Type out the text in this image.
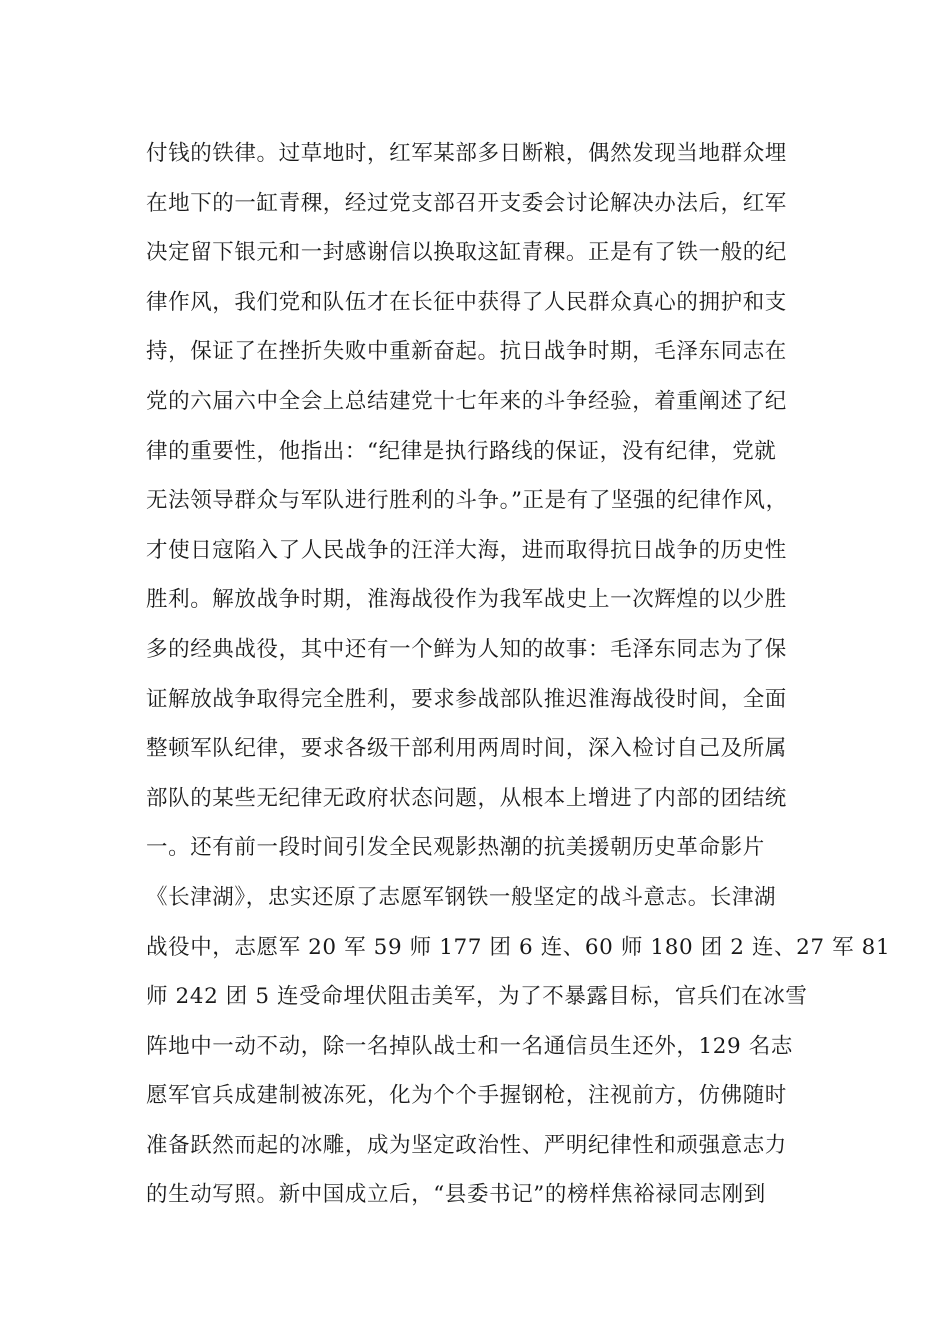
付钱的铁律。过草地时，红军某部多日断粮，偶然发现当地群众埋
在地下的一缸青稞，经过党支部召开支委会讨论解决办法后，红军
决定留下银元和一封感谢信以换取这缸青稞。正是有了铁一般的纪
律作风，我们党和队伍才在长征中获得了人民群众真心的拥护和支
持，保证了在挫折失败中重新奋起。抗日战争时期，毛泽东同志在
党的六届六中全会上总结建党十七年来的斗争经验，着重阐述了纪
律的重要性，他指出：“纪律是执行路线的保证，没有纪律，党就
无法领导群众与军队进行胜利的斗争。”正是有了坚强的纪律作风，
才使日寇陷入了人民战争的汪洋大海，进而取得抗日战争的历史性
胜利。解放战争时期，淮海战役作为我军战史上一次辉煌的以少胜
多的经典战役，其中还有一个鲜为人知的故事：毛泽东同志为了保
证解放战争取得完全胜利，要求参战部队推迟淮海战役时间，全面
整顿军队纪律，要求各级干部利用两周时间，深入检讨自己及所属
部队的某些无纪律无政府状态问题，从根本上增进了内部的团结统
一。还有前一段时间引发全民观影热潮的抗美援朝历史革命影片
《长津湖》，忠实还原了志愿军钢铁一般坚定的战斗意志。长津湖
战役中，志愿军 20 军 59 师 177 团 6 连、60 师 180 团 2 连、27 军 81
师 242 团 5 连受命埋伏阻击美军，为了不暴露目标，官兵们在冰雪
阵地中一动不动，除一名掉队战士和一名通信员生还外，129 名志
愿军官兵成建制被冻死，化为个个手握钢枪，注视前方，仿佛随时
准备跃然而起的冰雕，成为坚定政治性、严明纪律性和顽强意志力
的生动写照。新中国成立后，“县委书记”的榜样焦裕禄同志刚到
